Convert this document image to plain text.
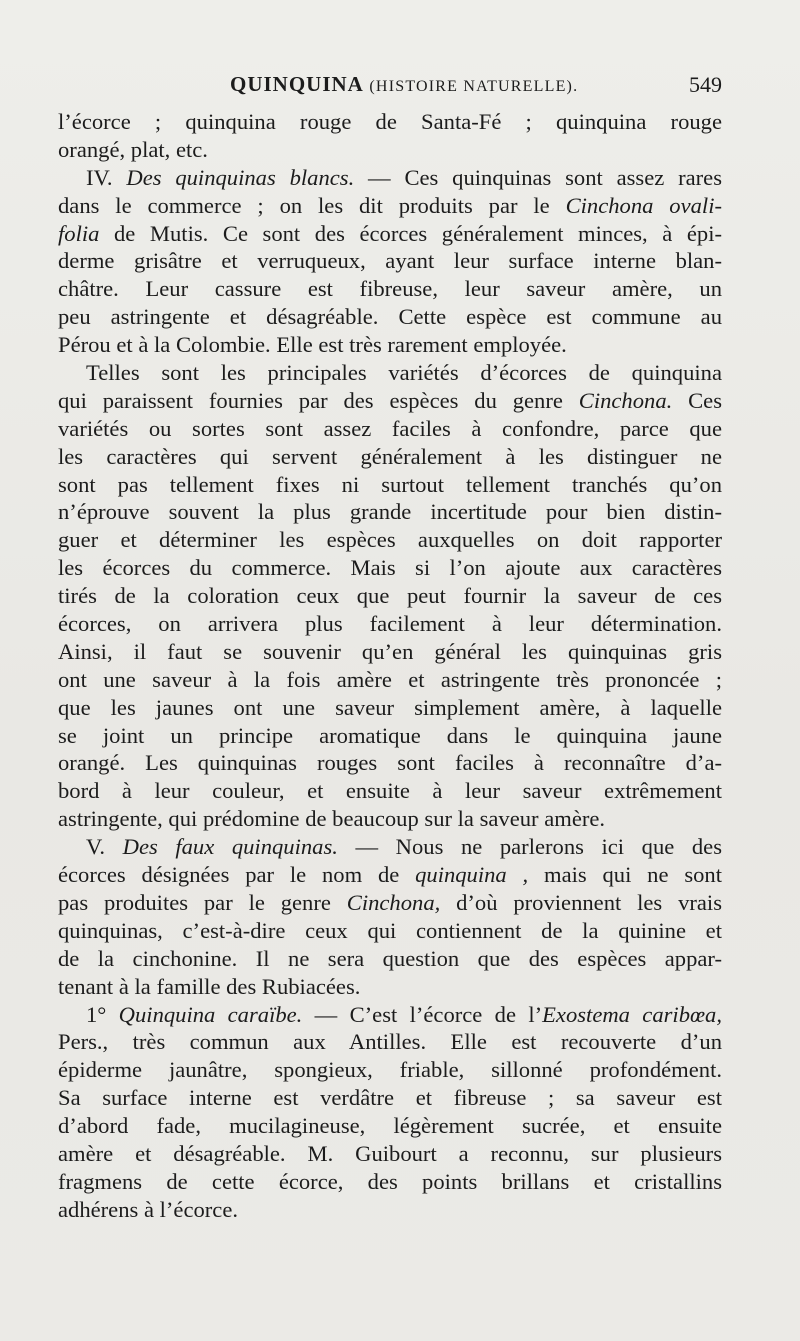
QUINQUINA (HISTOIRE NATURELLE).	549
l’écorce ; quinquina rouge de Santa-Fé ; quinquina rouge
orangé, plat, etc.
IV. Des quinquinas blancs. — Ces quinquinas sont assez rares
dans le commerce ; on les dit produits par le Cinchona ovali-
folia de Mutis. Ce sont des écorces généralement minces, à épi-
derme grisâtre et verruqueux, ayant leur surface interne blan-
châtre. Leur cassure est fibreuse, leur saveur amère, un
peu astringente et désagréable. Cette espèce est commune au
Pérou et à la Colombie. Elle est très rarement employée.
Telles sont les principales variétés d’écorces de quinquina
qui paraissent fournies par des espèces du genre Cinchona. Ces
variétés ou sortes sont assez faciles à confondre, parce que
les caractères qui servent généralement à les distinguer ne
sont pas tellement fixes ni surtout tellement tranchés qu’on
n’éprouve souvent la plus grande incertitude pour bien distin-
guer et déterminer les espèces auxquelles on doit rapporter
les écorces du commerce. Mais si l’on ajoute aux caractères
tirés de la coloration ceux que peut fournir la saveur de ces
écorces, on arrivera plus facilement à leur détermination.
Ainsi, il faut se souvenir qu’en général les quinquinas gris
ont une saveur à la fois amère et astringente très prononcée ;
que les jaunes ont une saveur simplement amère, à laquelle
se joint un principe aromatique dans le quinquina jaune
orangé. Les quinquinas rouges sont faciles à reconnaître d’a-
bord à leur couleur, et ensuite à leur saveur extrêmement
astringente, qui prédomine de beaucoup sur la saveur amère.
V. Des faux quinquinas. — Nous ne parlerons ici que des
écorces désignées par le nom de quinquina , mais qui ne sont
pas produites par le genre Cinchona, d’où proviennent les vrais
quinquinas, c’est-à-dire ceux qui contiennent de la quinine et
de la cinchonine. Il ne sera question que des espèces appar-
tenant à la famille des Rubiacées.
1° Quinquina caraïbe. — C’est l’écorce de l’Exostema caribœa,
Pers., très commun aux Antilles. Elle est recouverte d’un
épiderme jaunâtre, spongieux, friable, sillonné profondément.
Sa surface interne est verdâtre et fibreuse ; sa saveur est
d’abord fade, mucilagineuse, légèrement sucrée, et ensuite
amère et désagréable. M. Guibourt a reconnu, sur plusieurs
fragmens de cette écorce, des points brillans et cristallins
adhérens à l’écorce.
